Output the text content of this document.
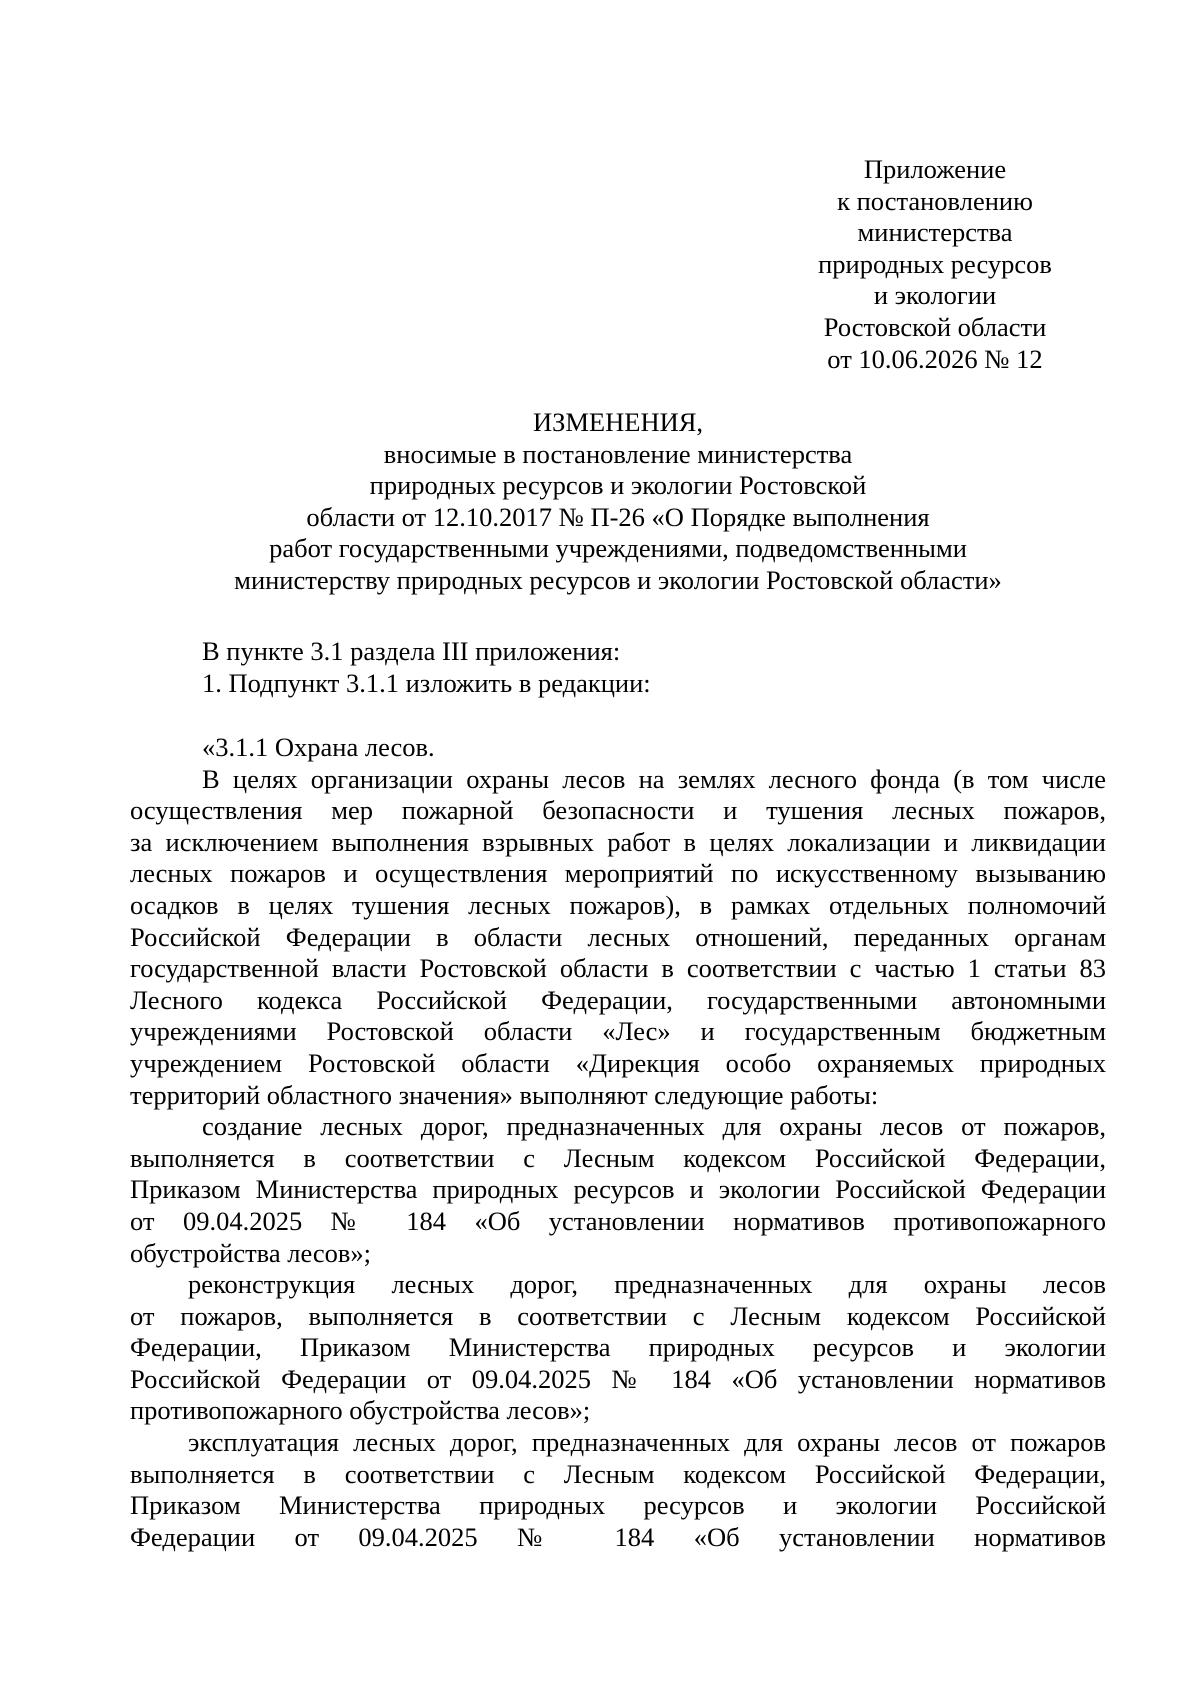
Приложение
к постановлению
министерства
природных ресурсов
и экологии
Ростовской области
от 10.06.2026 № 12
ИЗМЕНЕНИЯ,
вносимые в постановление министерства
природных ресурсов и экологии Ростовской
области от 12.10.2017 № П-26 «О Порядке выполнения
работ государственными учреждениями, подведомственными
министерству природных ресурсов и экологии Ростовской области»
В пункте 3.1 раздела III приложения:
1. Подпункт 3.1.1 изложить в редакции:
«3.1.1 Охрана лесов.
В целях организации охраны лесов на землях лесного фонда (в том числе
осуществления мер пожарной безопасности и тушения лесных пожаров,
за исключением выполнения взрывных работ в целях локализации и ликвидации
лесных пожаров и осуществления мероприятий по искусственному вызыванию
осадков в целях тушения лесных пожаров), в рамках отдельных полномочий
Российской Федерации в области лесных отношений, переданных органам
государственной власти Ростовской области в соответствии с частью 1 статьи 83
Лесного кодекса Российской Федерации, государственными автономными
учреждениями Ростовской области «Лес» и государственным бюджетным
учреждением Ростовской области «Дирекция особо охраняемых природных
территорий областного значения» выполняют следующие работы:
создание лесных дорог, предназначенных для охраны лесов от пожаров,
выполняется в соответствии с Лесным кодексом Российской Федерации,
Приказом Министерства природных ресурсов и экологии Российской Федерации
от 09.04.2025 № 184 «Об установлении нормативов противопожарного
обустройства лесов»;
реконструкция лесных дорог, предназначенных для охраны лесов
от пожаров, выполняется в соответствии с Лесным кодексом Российской
Федерации, Приказом Министерства природных ресурсов и экологии
Российской Федерации от 09.04.2025 № 184 «Об установлении нормативов
противопожарного обустройства лесов»;
эксплуатация лесных дорог, предназначенных для охраны лесов от пожаров
выполняется в соответствии с Лесным кодексом Российской Федерации,
Приказом Министерства природных ресурсов и экологии Российской
Федерации от 09.04.2025 № 184 «Об установлении нормативов
